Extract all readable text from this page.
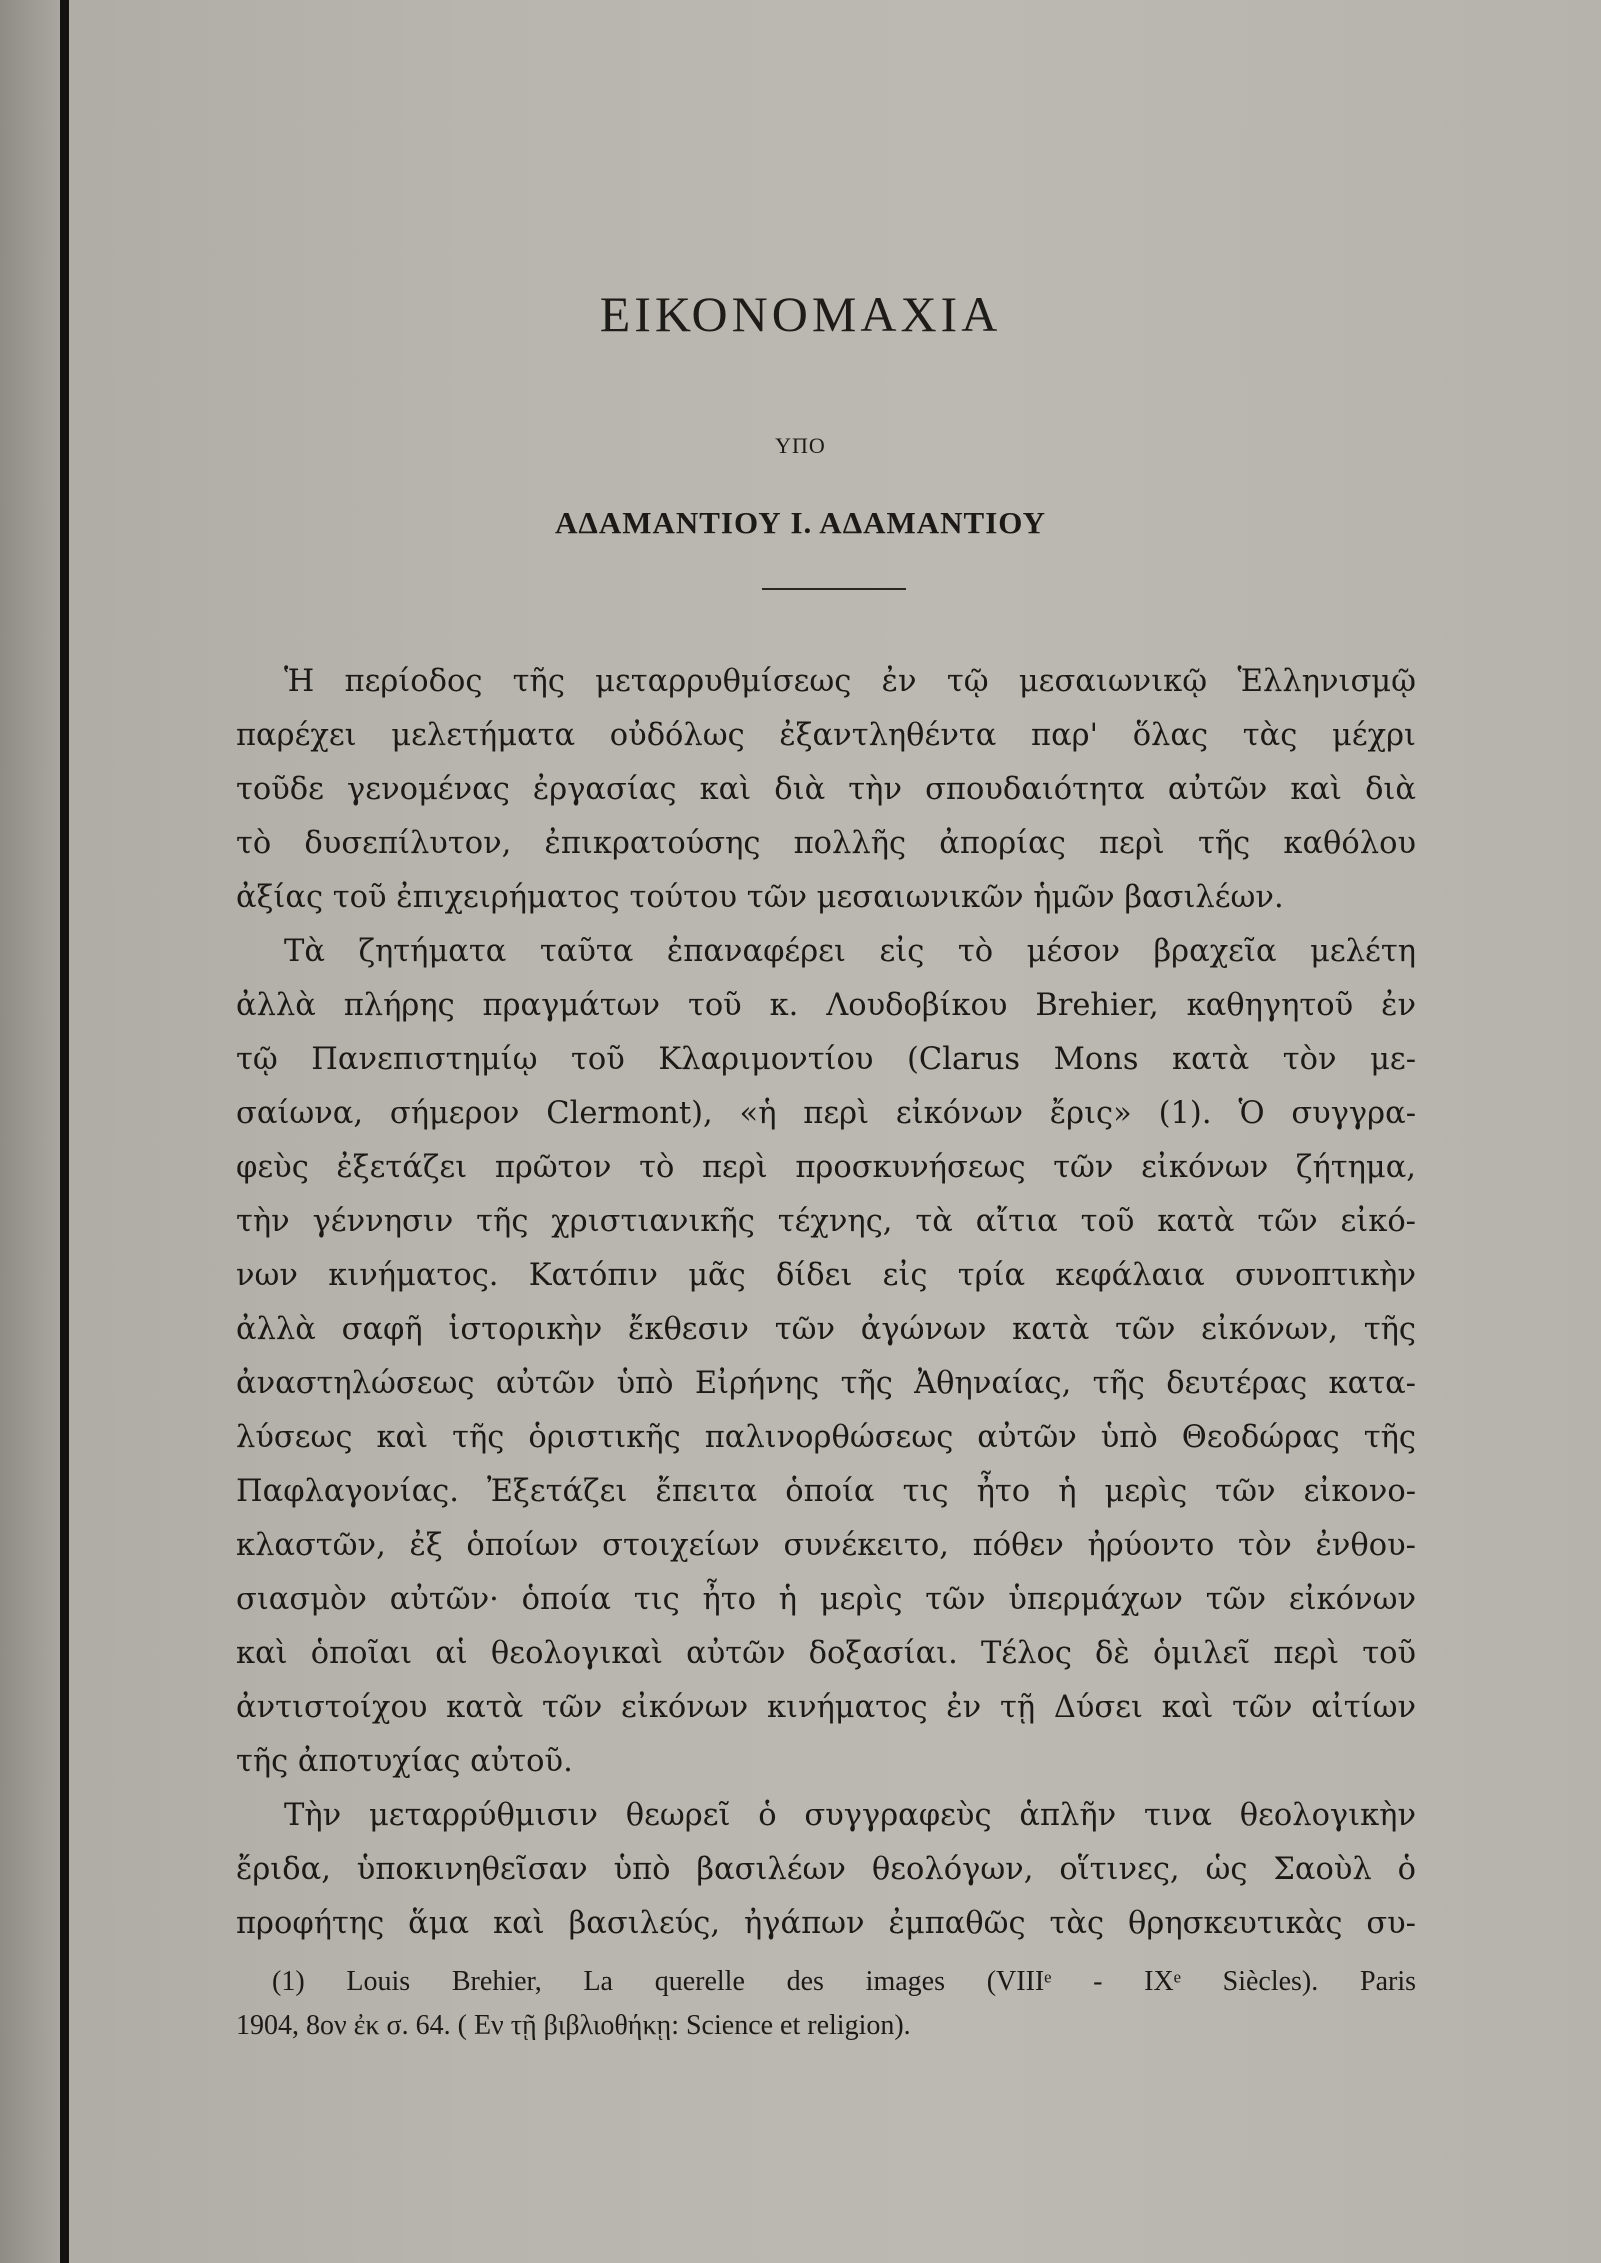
ΕΙΚΟΝΟΜΑΧΙΑ
ΥΠΟ
ΑΔΑΜΑΝΤΙΟΥ Ι. ΑΔΑΜΑΝΤΙΟΥ
Ἡ περίοδος τῆς μεταρρυθμίσεως ἐν τῷ μεσαιωνικῷ Ἑλληνισμῷ
παρέχει μελετήματα οὐδόλως ἐξαντληθέντα παρ' ὅλας τὰς μέχρι
τοῦδε γενομένας ἐργασίας καὶ διὰ τὴν σπουδαιότητα αὐτῶν καὶ διὰ
τὸ δυσεπίλυτον, ἐπικρατούσης πολλῆς ἀπορίας περὶ τῆς καθόλου
ἀξίας τοῦ ἐπιχειρήματος τούτου τῶν μεσαιωνικῶν ἡμῶν βασιλέων.
Τὰ ζητήματα ταῦτα ἐπαναφέρει εἰς τὸ μέσον βραχεῖα μελέτη
ἀλλὰ πλήρης πραγμάτων τοῦ κ. Λουδοβίκου Brehier, καθηγητοῦ ἐν
τῷ Πανεπιστημίῳ τοῦ Κλαριμοντίου (Clarus Mons κατὰ τὸν με-
σαίωνα, σήμερον Clermont), «ἡ περὶ εἰκόνων ἔρις» (1). Ὁ συγγρα-
φεὺς ἐξετάζει πρῶτον τὸ περὶ προσκυνήσεως τῶν εἰκόνων ζήτημα,
τὴν γέννησιν τῆς χριστιανικῆς τέχνης, τὰ αἴτια τοῦ κατὰ τῶν εἰκό-
νων κινήματος. Κατόπιν μᾶς δίδει εἰς τρία κεφάλαια συνοπτικὴν
ἀλλὰ σαφῆ ἱστορικὴν ἔκθεσιν τῶν ἀγώνων κατὰ τῶν εἰκόνων, τῆς
ἀναστηλώσεως αὐτῶν ὑπὸ Εἰρήνης τῆς Ἀθηναίας, τῆς δευτέρας κατα-
λύσεως καὶ τῆς ὁριστικῆς παλινορθώσεως αὐτῶν ὑπὸ Θεοδώρας τῆς
Παφλαγονίας. Ἐξετάζει ἔπειτα ὁποία τις ἦτο ἡ μερὶς τῶν εἰκονο-
κλαστῶν, ἐξ ὁποίων στοιχείων συνέκειτο, πόθεν ἠρύοντο τὸν ἐνθου-
σιασμὸν αὐτῶν· ὁποία τις ἦτο ἡ μερὶς τῶν ὑπερμάχων τῶν εἰκόνων
καὶ ὁποῖαι αἱ θεολογικαὶ αὐτῶν δοξασίαι. Τέλος δὲ ὁμιλεῖ περὶ τοῦ
ἀντιστοίχου κατὰ τῶν εἰκόνων κινήματος ἐν τῇ Δύσει καὶ τῶν αἰτίων
τῆς ἀποτυχίας αὐτοῦ.
Τὴν μεταρρύθμισιν θεωρεῖ ὁ συγγραφεὺς ἁπλῆν τινα θεολογικὴν
ἔριδα, ὑποκινηθεῖσαν ὑπὸ βασιλέων θεολόγων, οἵτινες, ὡς Σαοὺλ ὁ
προφήτης ἅμα καὶ βασιλεύς, ἠγάπων ἐμπαθῶς τὰς θρησκευτικὰς συ-
(1) Louis Brehier, La querelle des images (VIIIᵉ - IXᵉ Siècles). Paris
1904, 8ον ἐκ σ. 64. ( Εν τῇ βιβλιοθήκῃ: Science et religion).
